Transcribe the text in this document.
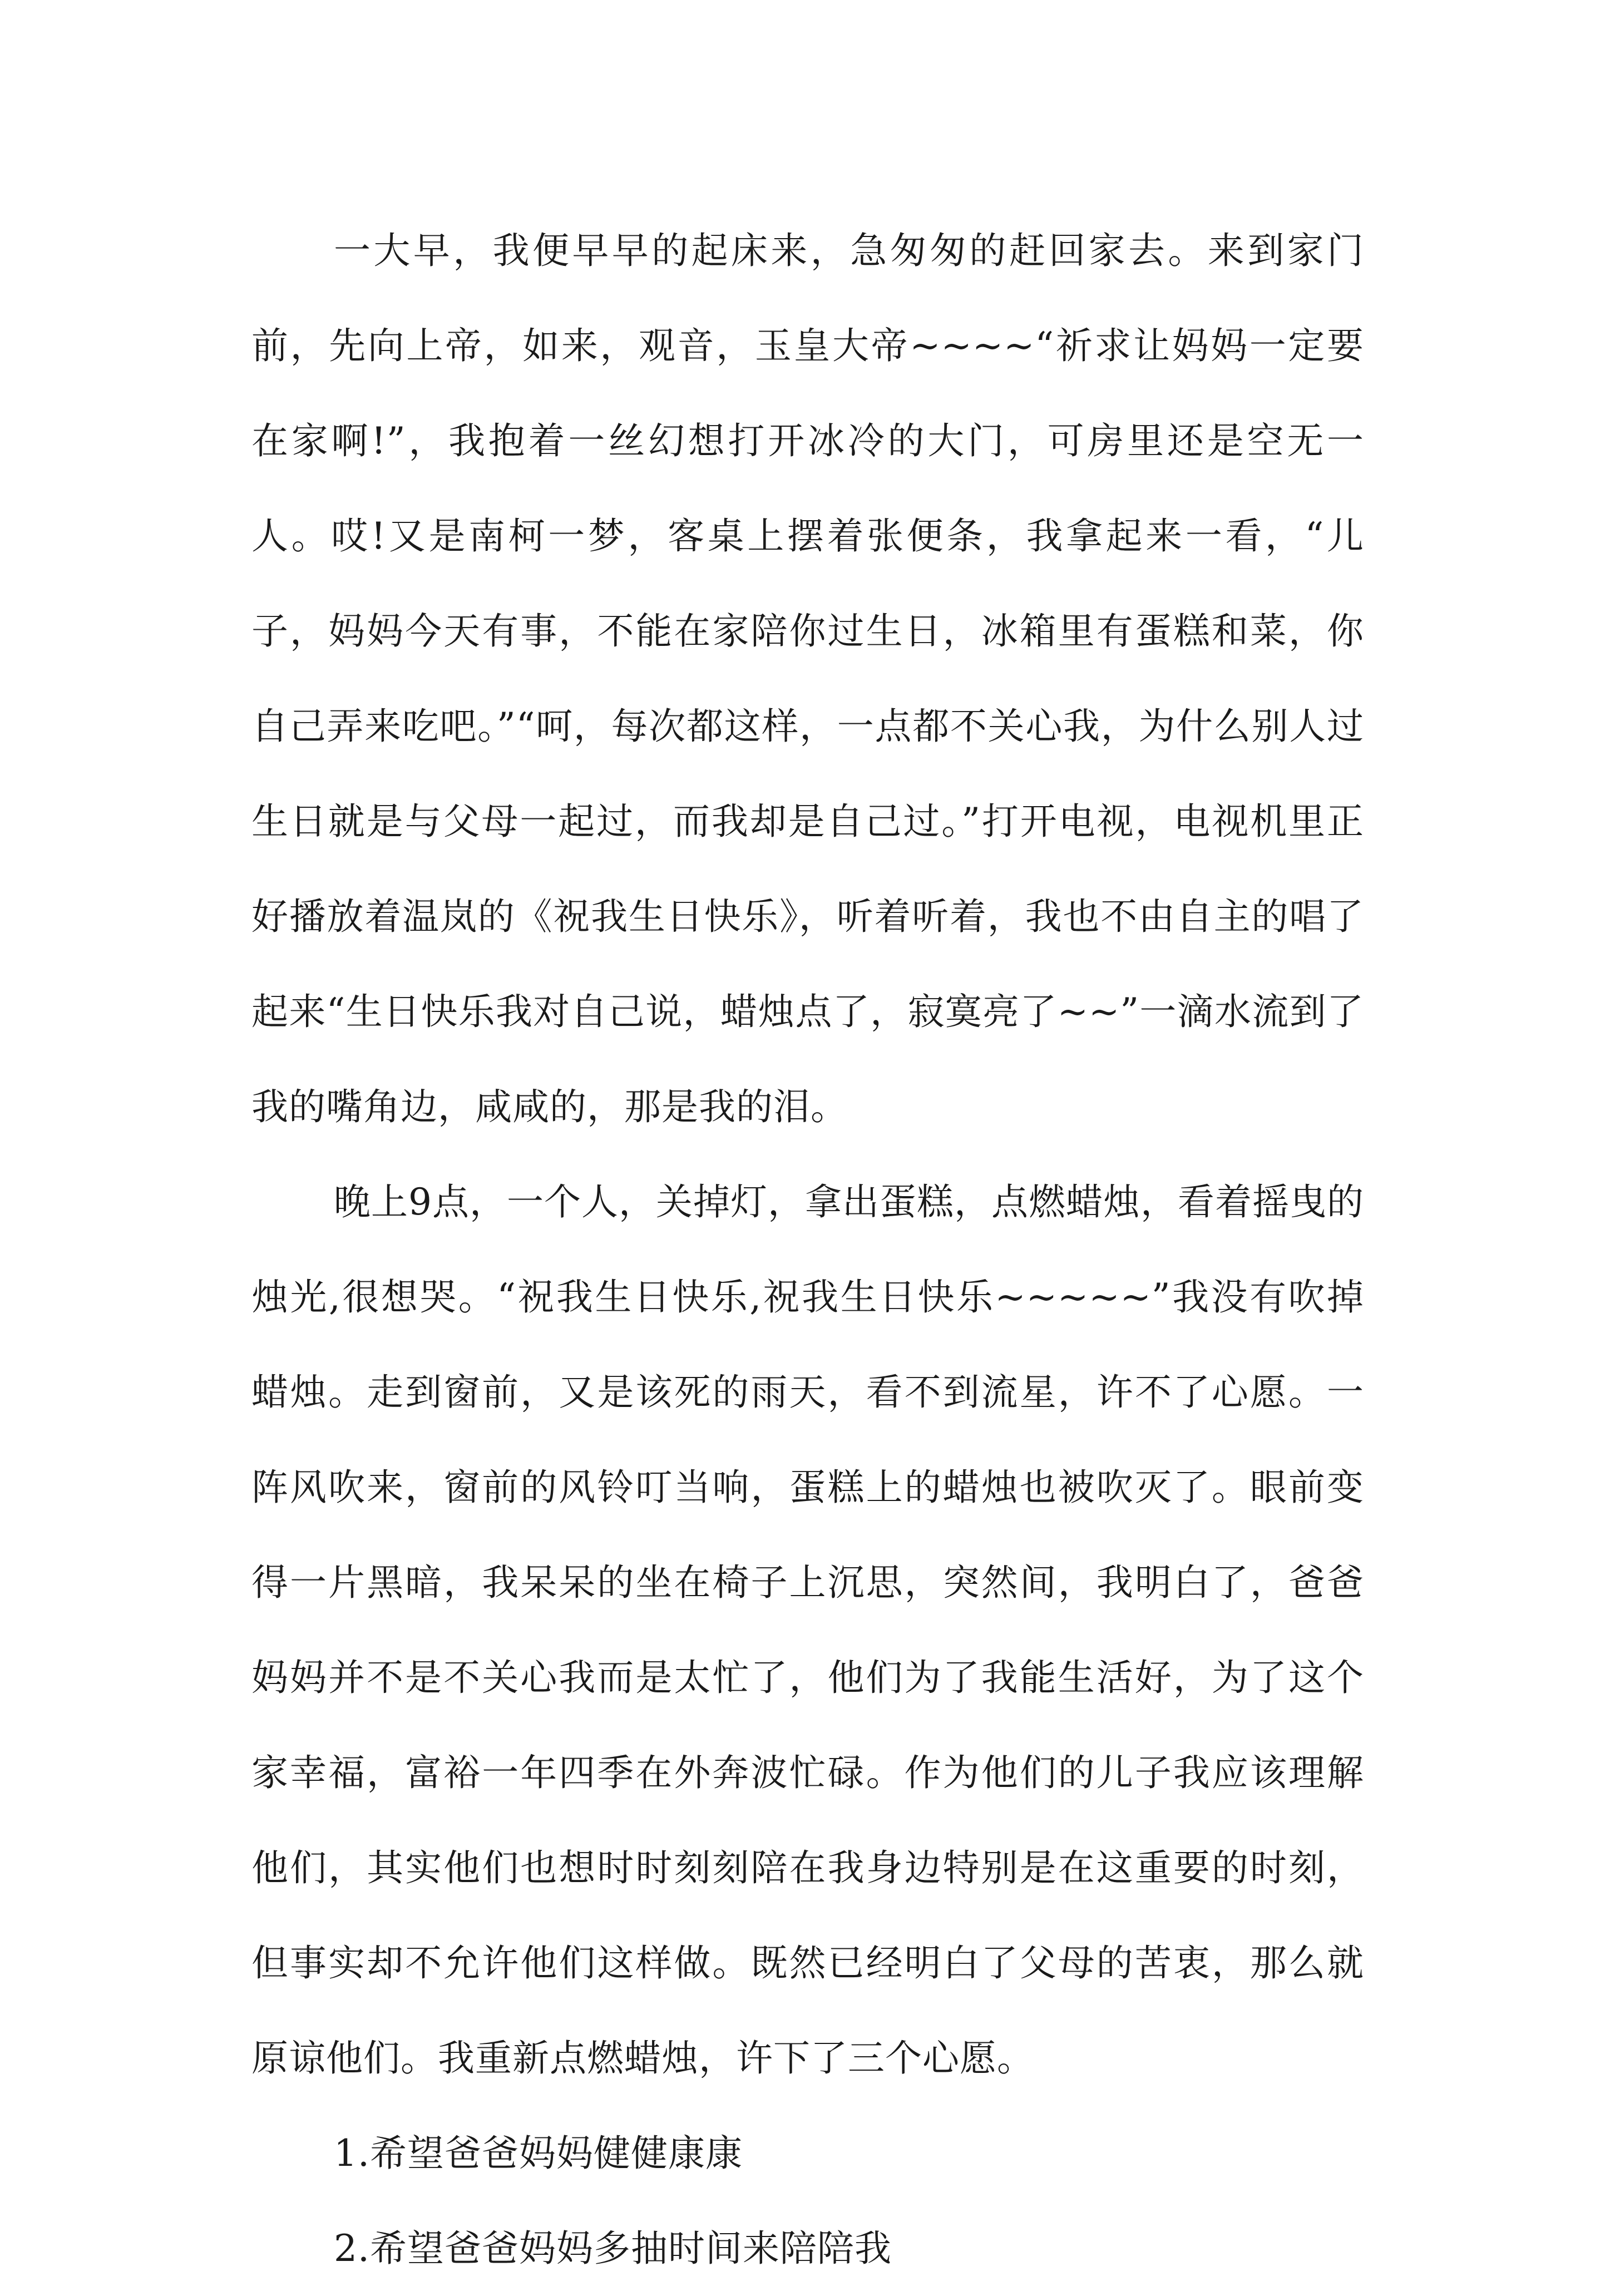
一大早，我便早早的起床来，急匆匆的赶回家去。来到家门前，先向上帝，如来，观音，玉皇大帝~~~~“祈求让妈妈一定要在家啊!”，我抱着一丝幻想打开冰冷的大门，可房里还是空无一人。哎!又是南柯一梦，客桌上摆着张便条，我拿起来一看，“儿子，妈妈今天有事，不能在家陪你过生日，冰箱里有蛋糕和菜，你自己弄来吃吧。”“呵，每次都这样，一点都不关心我，为什么别人过生日就是与父母一起过，而我却是自己过。”打开电视，电视机里正好播放着温岚的《祝我生日快乐》，听着听着，我也不由自主的唱了起来“生日快乐我对自己说，蜡烛点了，寂寞亮了~~”一滴水流到了我的嘴角边，咸咸的，那是我的泪。

晚上9点，一个人，关掉灯，拿出蛋糕，点燃蜡烛，看着摇曳的烛光,很想哭。“祝我生日快乐,祝我生日快乐~~~~~”我没有吹掉蜡烛。走到窗前，又是该死的雨天，看不到流星，许不了心愿。一阵风吹来，窗前的风铃叮当响，蛋糕上的蜡烛也被吹灭了。眼前变得一片黑暗，我呆呆的坐在椅子上沉思，突然间，我明白了，爸爸妈妈并不是不关心我而是太忙了，他们为了我能生活好，为了这个家幸福，富裕一年四季在外奔波忙碌。作为他们的儿子我应该理解他们，其实他们也想时时刻刻陪在我身边特别是在这重要的时刻，但事实却不允许他们这样做。既然已经明白了父母的苦衷，那么就原谅他们。我重新点燃蜡烛，许下了三个心愿。

1.希望爸爸妈妈健健康康

2.希望爸爸妈妈多抽时间来陪陪我
